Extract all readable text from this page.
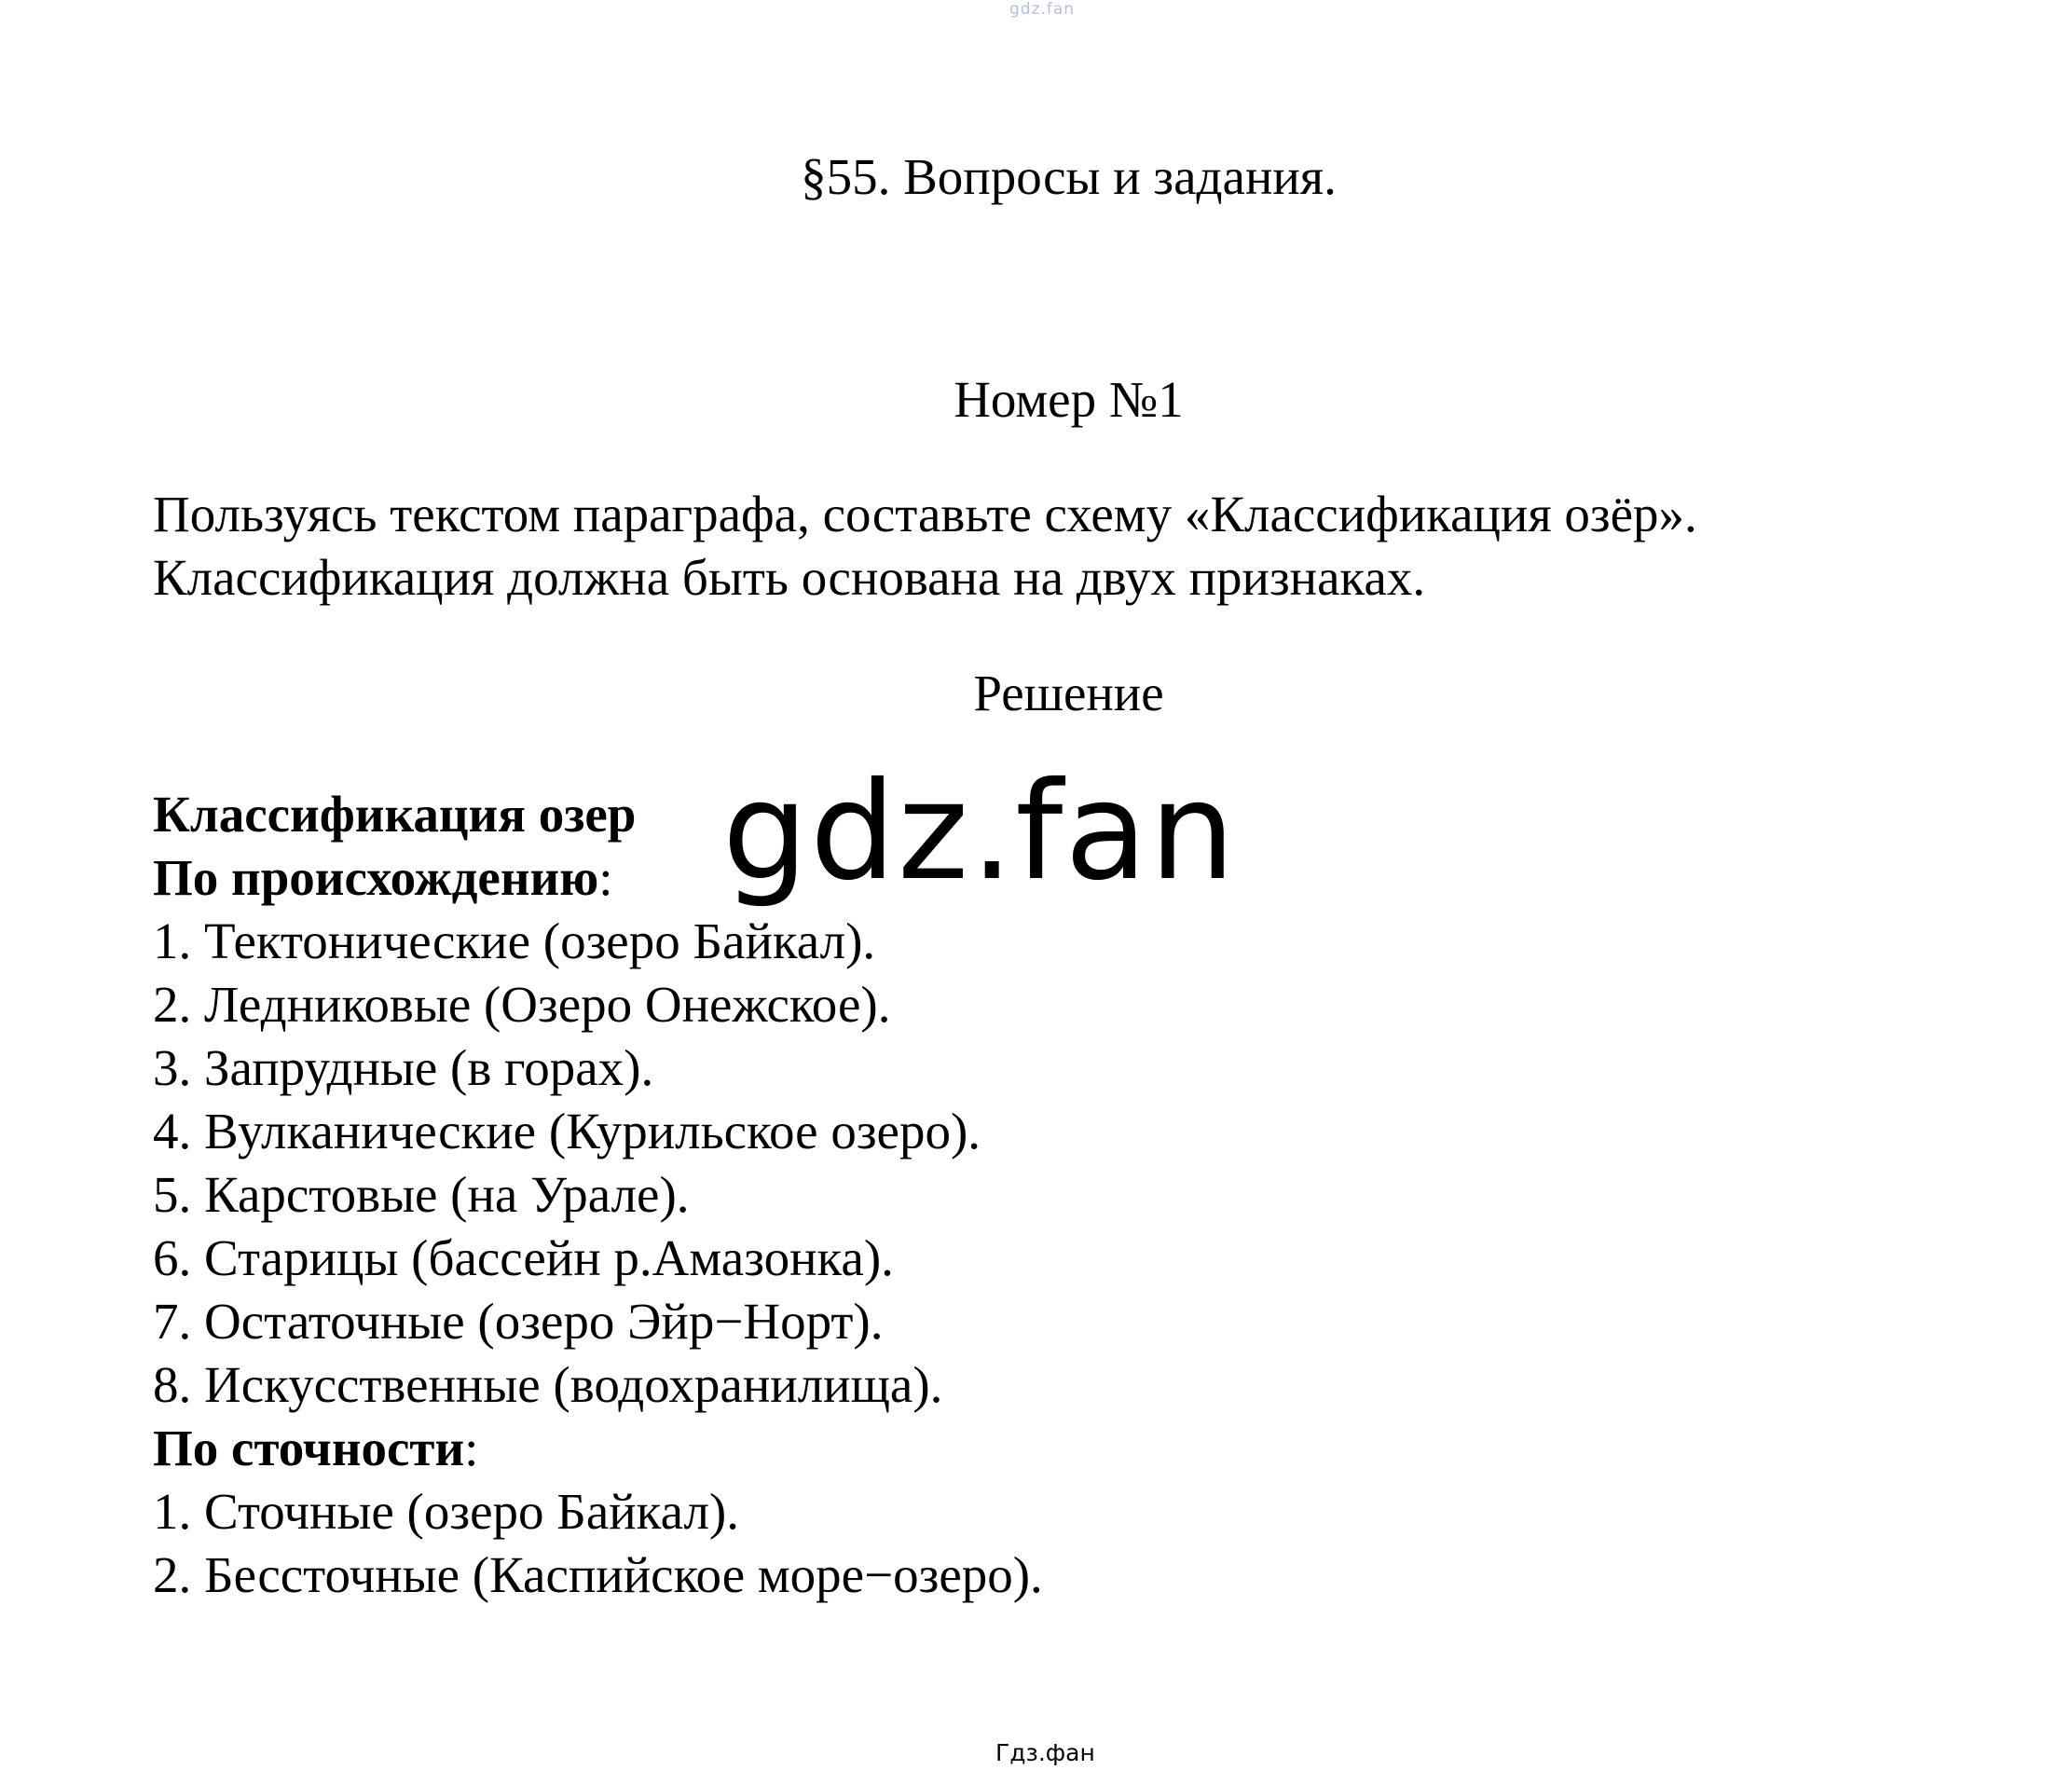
gdz.fan
§55. Вопросы и задания.
Номер №1
Пользуясь текстом параграфа, составьте схему «Классификация озёр».
Классификация должна быть основана на двух признаках.
Решение
Классификация озер
По происхождению:
1. Тектонические (озеро Байкал).
2. Ледниковые (Озеро Онежское).
3. Запрудные (в горах).
4. Вулканические (Курильское озеро).
5. Карстовые (на Урале).
6. Старицы (бассейн р.Амазонка).
7. Остаточные (озеро Эйр−Норт).
8. Искусственные (водохранилища).
По сточности:
1. Сточные (озеро Байкал).
2. Бессточные (Каспийское море−озеро).
gdz.fan
Гдз.фан
